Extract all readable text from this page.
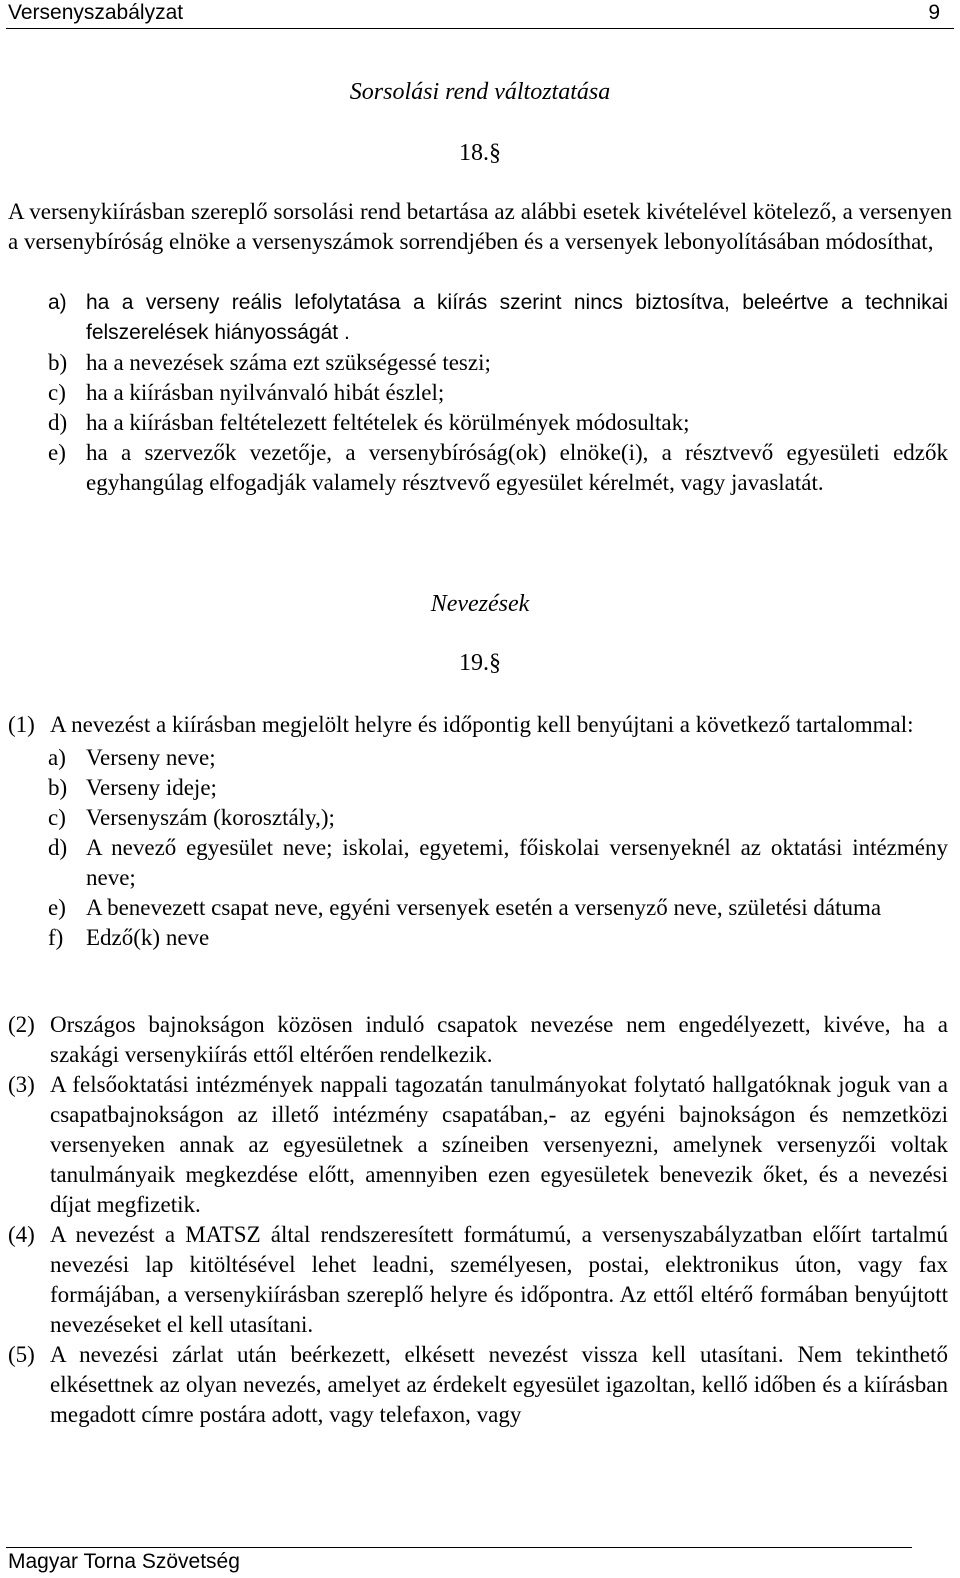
Versenyszabályzat	9
Sorsolási rend változtatása
18.§
A versenykiírásban szereplő sorsolási rend betartása az alábbi esetek kivételével kötelező, a versenyen a versenybíróság elnöke a versenyszámok sorrendjében és a versenyek lebonyolításában módosíthat,
a) ha a verseny reális lefolytatása a kiírás szerint nincs biztosítva, beleértve a technikai felszerelések hiányosságát .
b) ha a nevezések száma ezt szükségessé teszi;
c) ha a kiírásban nyilvánvaló hibát észlel;
d) ha a kiírásban feltételezett feltételek és körülmények módosultak;
e) ha a szervezők vezetője, a versenybíróság(ok) elnöke(i), a résztvevő egyesületi edzők egyhangúlag elfogadják valamely résztvevő egyesület kérelmét, vagy javaslatát.
Nevezések
19.§
(1) A nevezést a kiírásban megjelölt helyre és időpontig kell benyújtani a következő tartalommal:
a) Verseny neve;
b) Verseny ideje;
c) Versenyszám (korosztály,);
d) A nevező egyesület neve; iskolai, egyetemi, főiskolai versenyeknél az oktatási intézmény neve;
e) A benevezett csapat neve, egyéni versenyek esetén a versenyző neve, születési dátuma
f) Edző(k) neve
(2) Országos bajnokságon közösen induló csapatok nevezése nem engedélyezett, kivéve, ha a szakági versenykiírás ettől eltérően rendelkezik.
(3) A felsőoktatási intézmények nappali tagozatán tanulmányokat folytató hallgatóknak joguk van a csapatbajnokságon az illető intézmény csapatában,- az egyéni bajnokságon és nemzetközi versenyeken annak az egyesületnek a színeiben versenyezni, amelynek versenyzői voltak tanulmányaik megkezdése előtt, amennyiben ezen egyesületek benevezik őket, és a nevezési díjat megfizetik.
(4) A nevezést a MATSZ által rendszeresített formátumú, a versenyszabályzatban előírt tartalmú nevezési lap kitöltésével lehet leadni, személyesen, postai, elektronikus úton, vagy fax formájában, a versenykiírásban szereplő helyre és időpontra. Az ettől eltérő formában benyújtott nevezéseket el kell utasítani.
(5) A nevezési zárlat után beérkezett, elkésett nevezést vissza kell utasítani. Nem tekinthető elkésettnek az olyan nevezés, amelyet az érdekelt egyesület igazoltan, kellő időben és a kiírásban megadott címre postára adott, vagy telefaxon, vagy
Magyar Torna Szövetség
